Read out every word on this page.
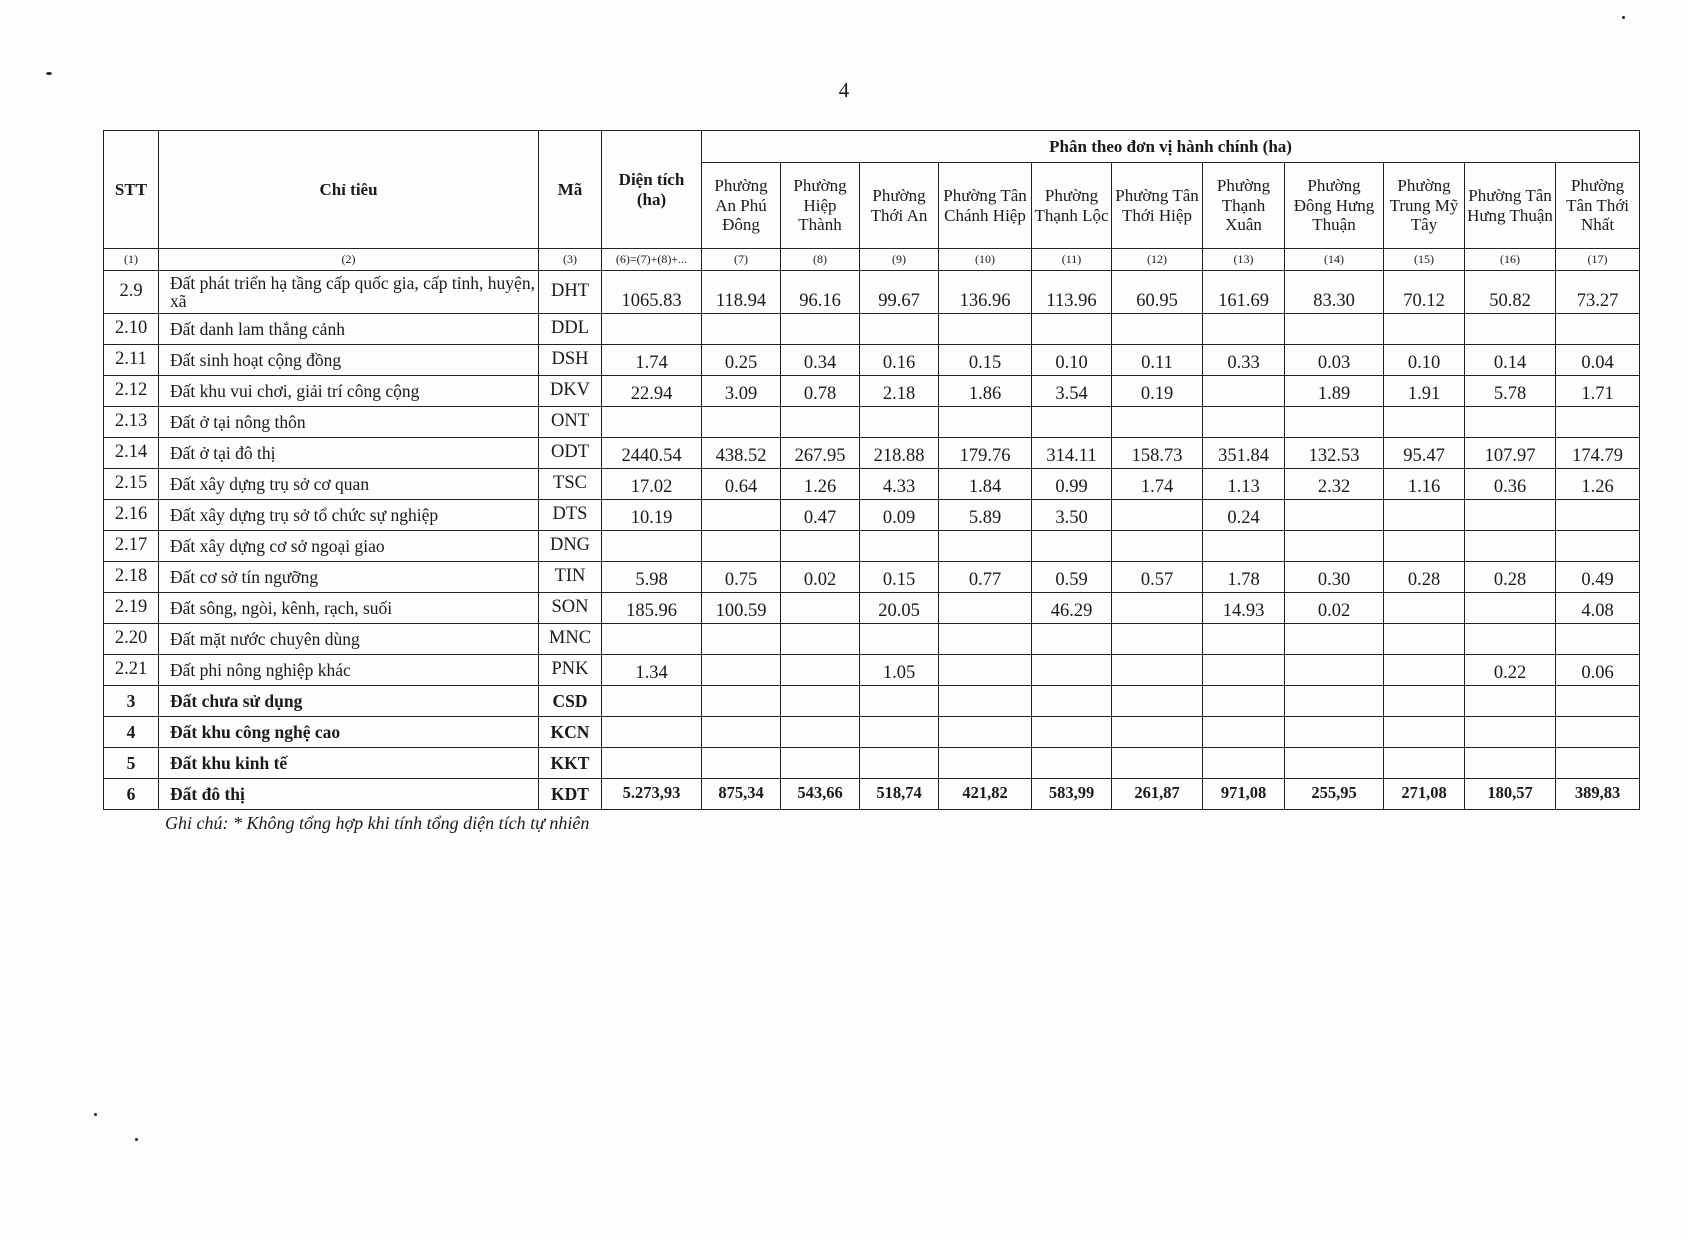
4
STT	Chỉ tiêu	Mã	Diện tích (ha)	Phân theo đơn vị hành chính (ha)										
				Phường An Phú Đông	Phường Hiệp Thành	Phường Thới An	Phường Tân Chánh Hiệp	Phường Thạnh Lộc	Phường Tân Thới Hiệp	Phường Thạnh Xuân	Phường Đông Hưng Thuận	Phường Trung Mỹ Tây	Phường Tân Hưng Thuận	Phường Tân Thới Nhất
(1)	(2)	(3)	(6)=(7)+(8)+...	(7)	(8)	(9)	(10)	(11)	(12)	(13)	(14)	(15)	(16)	(17)
2.9	Đất phát triển hạ tầng cấp quốc gia, cấp tỉnh, huyện, xã	DHT	1065.83	118.94	96.16	99.67	136.96	113.96	60.95	161.69	83.30	70.12	50.82	73.27
2.10	Đất danh lam thắng cảnh	DDL												
2.11	Đất sinh hoạt cộng đồng	DSH	1.74	0.25	0.34	0.16	0.15	0.10	0.11	0.33	0.03	0.10	0.14	0.04
2.12	Đất khu vui chơi, giải trí công cộng	DKV	22.94	3.09	0.78	2.18	1.86	3.54	0.19		1.89	1.91	5.78	1.71
2.13	Đất ở tại nông thôn	ONT												
2.14	Đất ở tại đô thị	ODT	2440.54	438.52	267.95	218.88	179.76	314.11	158.73	351.84	132.53	95.47	107.97	174.79
2.15	Đất xây dựng trụ sở cơ quan	TSC	17.02	0.64	1.26	4.33	1.84	0.99	1.74	1.13	2.32	1.16	0.36	1.26
2.16	Đất xây dựng trụ sở tổ chức sự nghiệp	DTS	10.19		0.47	0.09	5.89	3.50		0.24				
2.17	Đất xây dựng cơ sở ngoại giao	DNG												
2.18	Đất cơ sở tín ngưỡng	TIN	5.98	0.75	0.02	0.15	0.77	0.59	0.57	1.78	0.30	0.28	0.28	0.49
2.19	Đất sông, ngòi, kênh, rạch, suối	SON	185.96	100.59		20.05		46.29		14.93	0.02			4.08
2.20	Đất mặt nước chuyên dùng	MNC												
2.21	Đất phi nông nghiệp khác	PNK	1.34			1.05							0.22	0.06
3	Đất chưa sử dụng	CSD												
4	Đất khu công nghệ cao	KCN												
5	Đất khu kinh tế	KKT												
6	Đất đô thị	KDT	5.273,93	875,34	543,66	518,74	421,82	583,99	261,87	971,08	255,95	271,08	180,57	389,83
Ghi chú: * Không tổng hợp khi tính tổng diện tích tự nhiên
